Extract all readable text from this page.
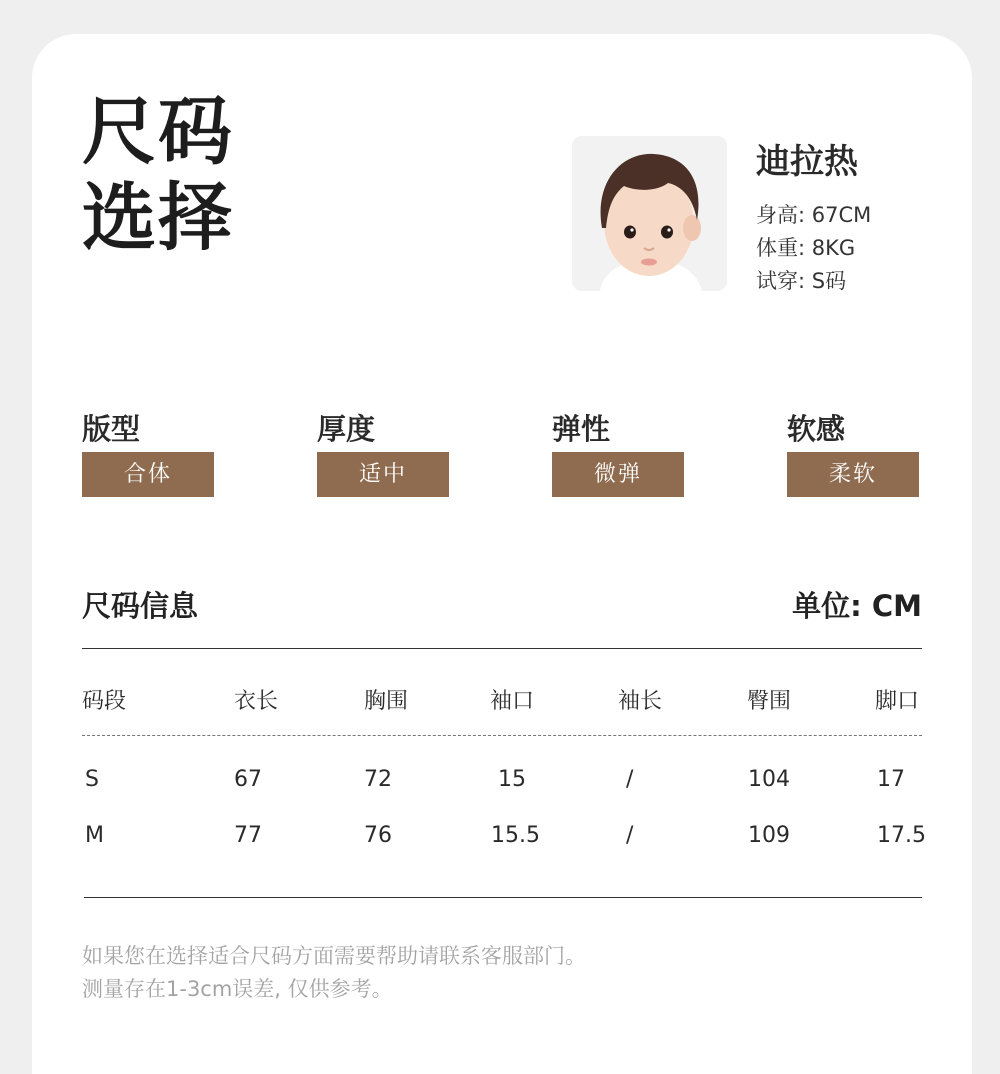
尺码
选择
迪拉热
身高: 67CM
体重: 8KG
试穿: S码
版型
合体
厚度
适中
弹性
微弹
软感
柔软
尺码信息	单位: CM
码段	衣长	胸围	袖口	袖长	臀围	脚口
S	67	72	15	/	104	17
M	77	76	15.5	/	109	17.5
如果您在选择适合尺码方面需要帮助请联系客服部门。
测量存在1-3cm误差, 仅供参考。
